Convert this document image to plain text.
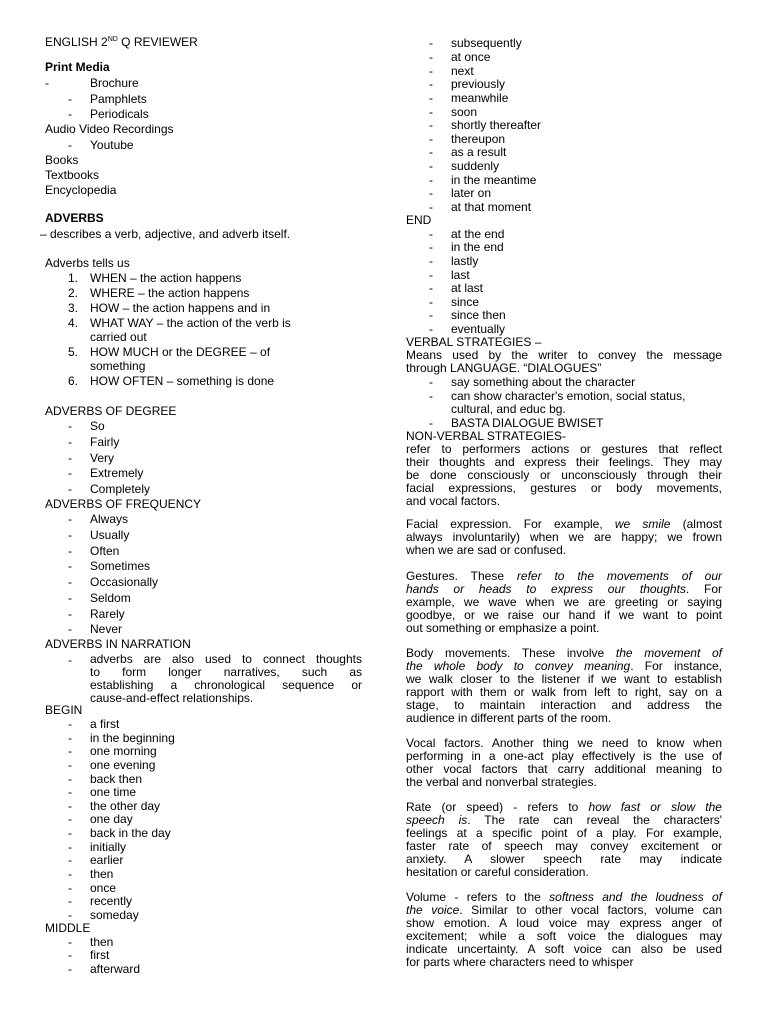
ENGLISH 2ND Q REVIEWER
Print Media
-	Brochure
- Pamphlets
- Periodicals
Audio Video Recordings
- Youtube
Books
Textbooks
Encyclopedia
ADVERBS
– describes a verb, adjective, and adverb itself.
Adverbs tells us
1. WHEN – the action happens
2. WHERE – the action happens
3. HOW – the action happens and in
4. WHAT WAY – the action of the verb is
carried out
5. HOW MUCH or the DEGREE – of
something
6. HOW OFTEN – something is done
ADVERBS OF DEGREE
- So
- Fairly
- Very
- Extremely
- Completely
ADVERBS OF FREQUENCY
- Always
- Usually
- Often
- Sometimes
- Occasionally
- Seldom
- Rarely
- Never
ADVERBS IN NARRATION
- adverbs are also used to connect thoughts
to form longer narratives, such as
establishing a chronological sequence or
cause-and-effect relationships.
BEGIN
- a first
- in the beginning
- one morning
- one evening
- back then
- one time
- the other day
- one day
- back in the day
- initially
- earlier
- then
- once
- recently
- someday
MIDDLE
- then
- first
- afterward
- subsequently
- at once
- next
- previously
- meanwhile
- soon
- shortly thereafter
- thereupon
- as a result
- suddenly
- in the meantime
- later on
- at that moment
END
- at the end
- in the end
- lastly
- last
- at last
- since
- since then
- eventually
VERBAL STRATEGIES –
Means used by the writer to convey the message
through LANGUAGE. “DIALOGUES”
- say something about the character
- can show character's emotion, social status,
cultural, and educ bg.
- BASTA DIALOGUE BWISET
NON-VERBAL STRATEGIES-
refer to performers actions or gestures that reflect
their thoughts and express their feelings. They may
be done consciously or unconsciously through their
facial expressions, gestures or body movements,
and vocal factors.
Facial expression. For example, we smile (almost
always involuntarily) when we are happy; we frown
when we are sad or confused.
Gestures. These refer to the movements of our
hands or heads to express our thoughts. For
example, we wave when we are greeting or saying
goodbye, or we raise our hand if we want to point
out something or emphasize a point.
Body movements. These involve the movement of
the whole body to convey meaning. For instance,
we walk closer to the listener if we want to establish
rapport with them or walk from left to right, say on a
stage, to maintain interaction and address the
audience in different parts of the room.
Vocal factors. Another thing we need to know when
performing in a one-act play effectively is the use of
other vocal factors that carry additional meaning to
the verbal and nonverbal strategies.
Rate (or speed) - refers to how fast or slow the
speech is. The rate can reveal the characters'
feelings at a specific point of a play. For example,
faster rate of speech may convey excitement or
anxiety. A slower speech rate may indicate
hesitation or careful consideration.
Volume - refers to the softness and the loudness of
the voice. Similar to other vocal factors, volume can
show emotion. A loud voice may express anger of
excitement; while a soft voice the dialogues may
indicate uncertainty. A soft voice can also be used
for parts where characters need to whisper
